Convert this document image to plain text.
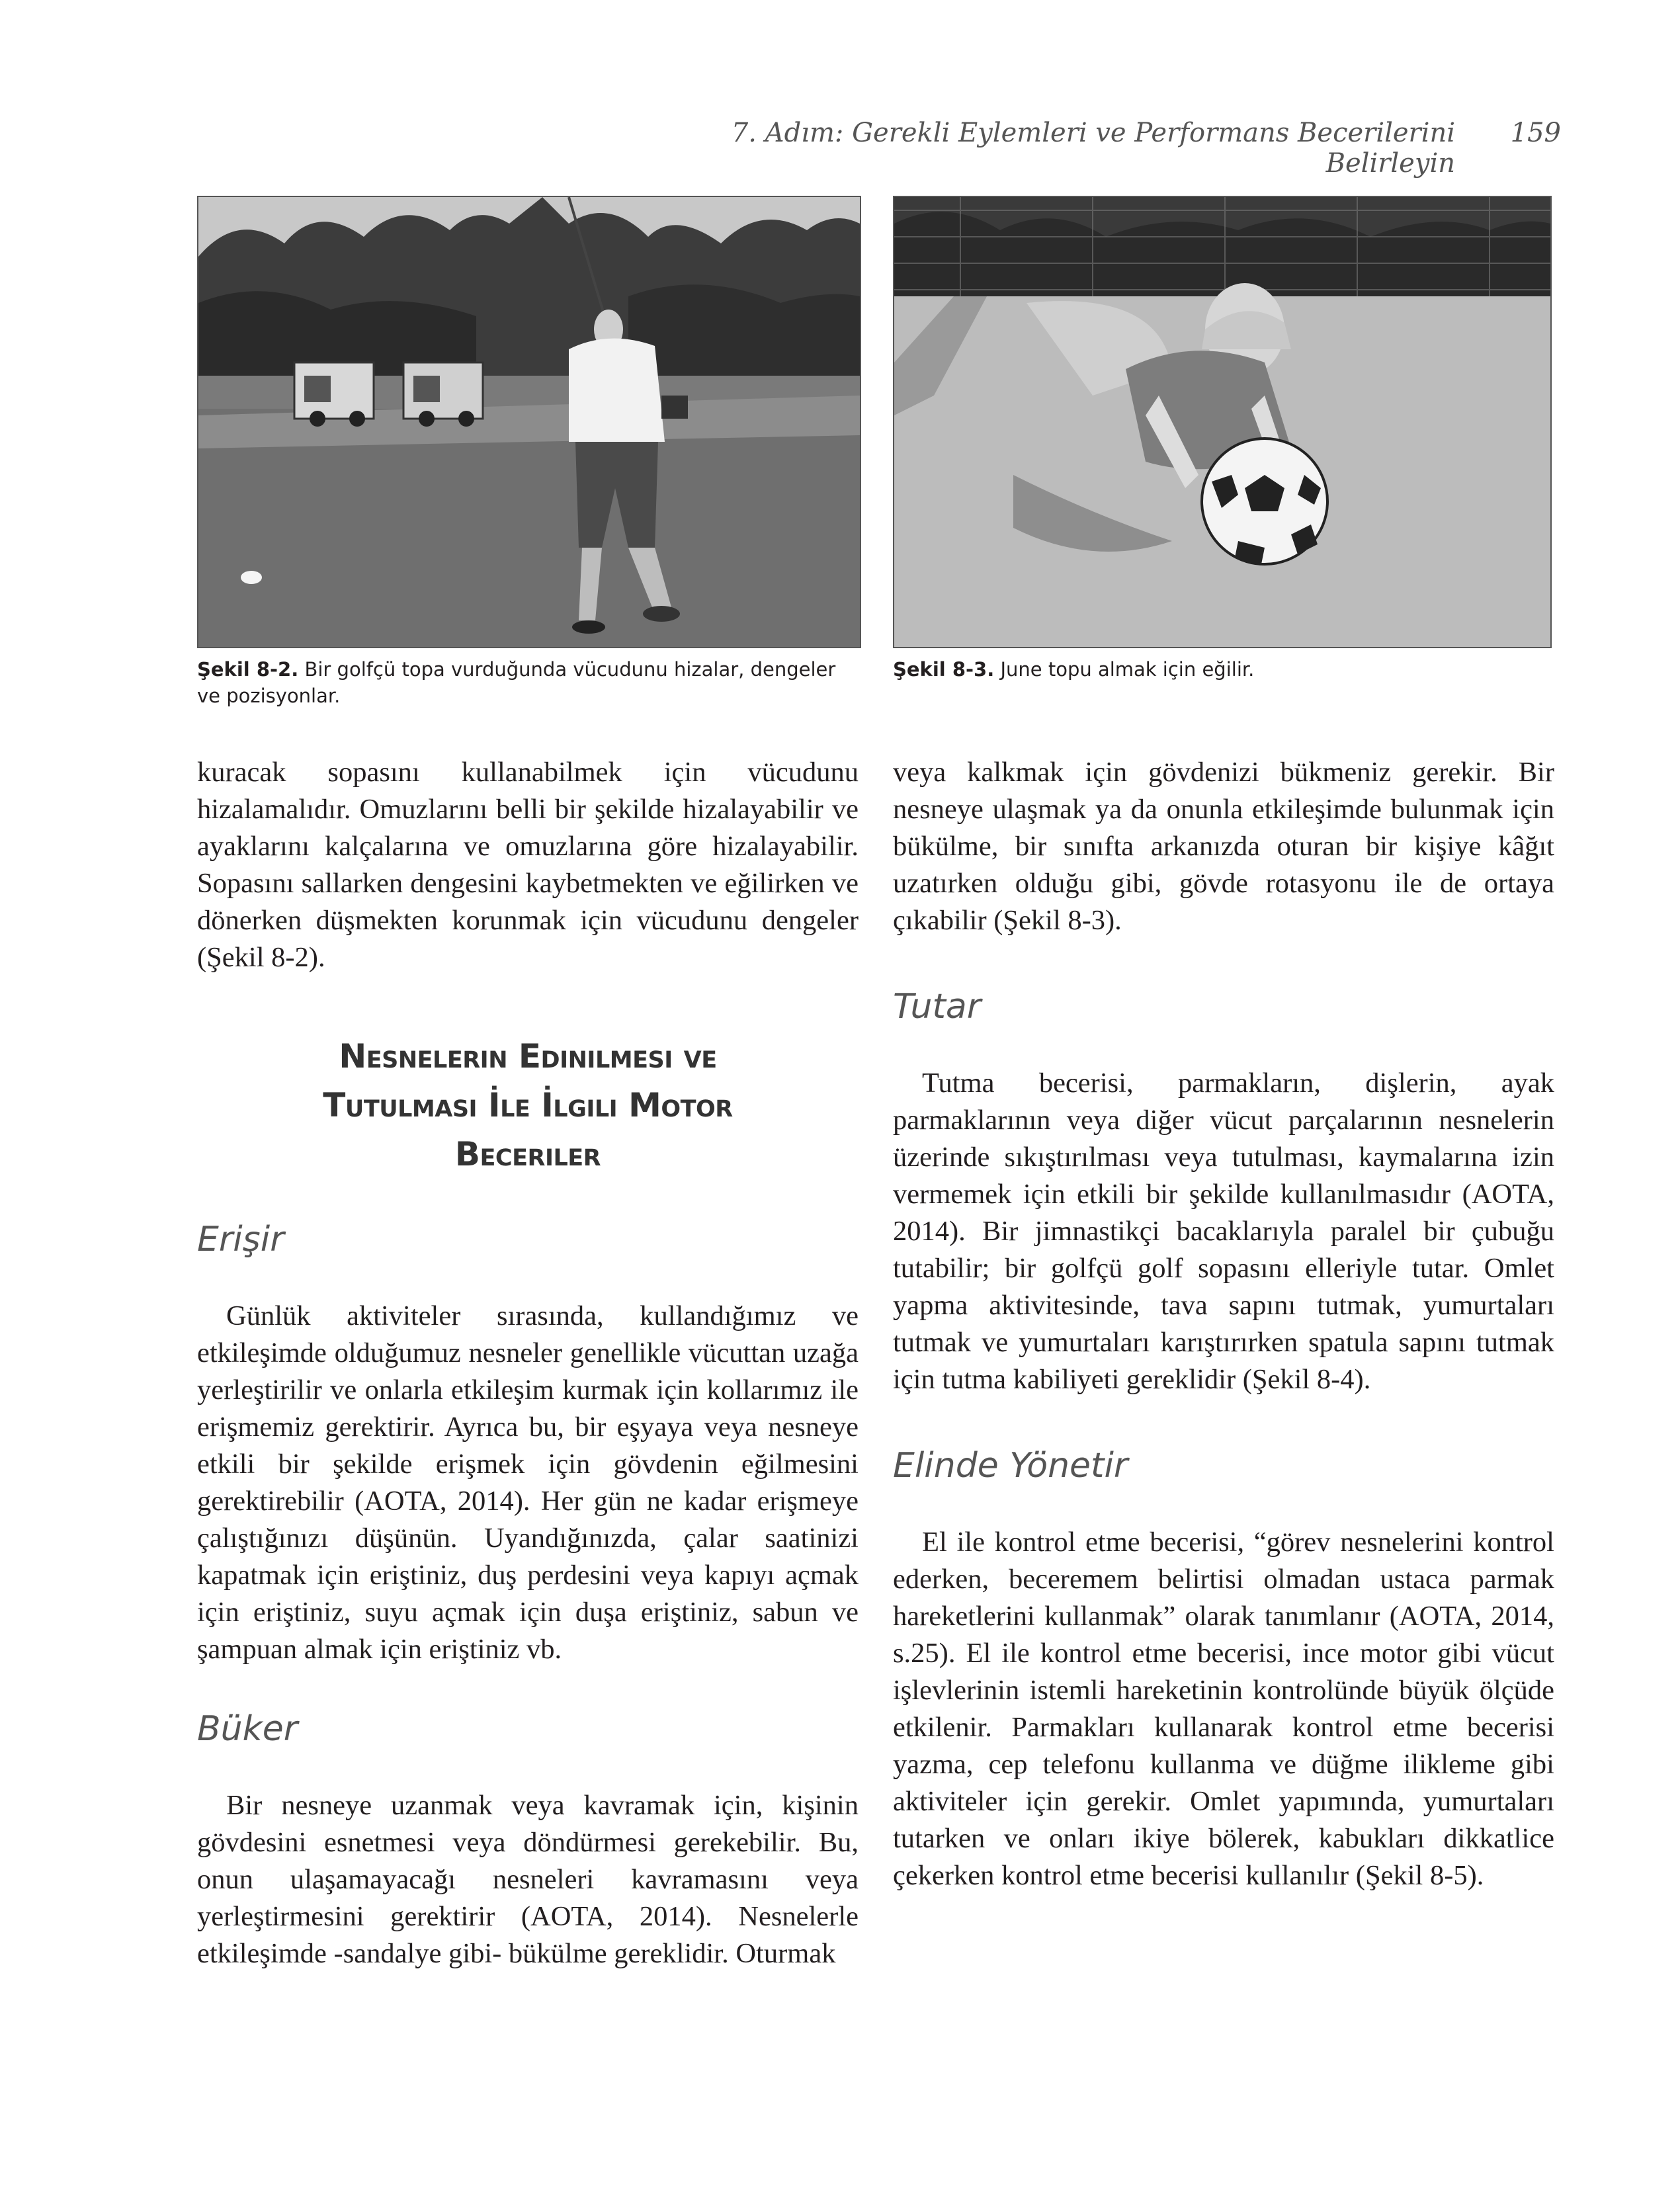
7. Adım: Gerekli Eylemleri ve Performans Becerilerini Belirleyin
159
Şekil 8-2. Bir golfçü topa vurduğunda vücudunu hizalar, dengeler ve pozisyonlar.
Şekil 8-3. June topu almak için eğilir.

kuracak sopasını kullanabilmek için vücudunu hizalamalıdır. Omuzlarını belli bir şekilde hizalayabilir ve ayaklarını kalçalarına ve omuzlarına göre hizalayabilir. Sopasını sallarken dengesini kaybetmekten ve eğilirken ve dönerken düşmekten korunmak için vücudunu dengeler (Şekil 8-2).

Nesnelerin Edinilmesi ve
Tutulması İle İlgili Motor
Beceriler
Erişir

Günlük aktiviteler sırasında, kullandığımız ve etkileşimde olduğumuz nesneler genellikle vücuttan uzağa yerleştirilir ve onlarla etkileşim kurmak için kollarımız ile erişmemiz gerektirir. Ayrıca bu, bir eşyaya veya nesneye etkili bir şekilde erişmek için gövdenin eğilmesini gerektirebilir (AOTA, 2014). Her gün ne kadar erişmeye çalıştığınızı düşünün. Uyandığınızda, çalar saatinizi kapatmak için eriştiniz, duş perdesini veya kapıyı açmak için eriştiniz, suyu açmak için duşa eriştiniz, sabun ve şampuan almak için eriştiniz vb.

Büker

Bir nesneye uzanmak veya kavramak için, kişinin gövdesini esnetmesi veya döndürmesi gerekebilir. Bu, onun ulaşamayacağı nesneleri kavramasını veya yerleştirmesini gerektirir (AOTA, 2014). Nesnelerle etkileşimde -sandalye gibi- bükülme gereklidir. Oturmak

veya kalkmak için gövdenizi bükmeniz gerekir. Bir nesneye ulaşmak ya da onunla etkileşimde bulunmak için bükülme, bir sınıfta arkanızda oturan bir kişiye kâğıt uzatırken olduğu gibi, gövde rotasyonu ile de ortaya çıkabilir (Şekil 8-3).

Tutar

Tutma becerisi, parmakların, dişlerin, ayak parmaklarının veya diğer vücut parçalarının nesnelerin üzerinde sıkıştırılması veya tutulması, kaymalarına izin vermemek için etkili bir şekilde kullanılmasıdır (AOTA, 2014). Bir jimnastikçi bacaklarıyla paralel bir çubuğu tutabilir; bir golfçü golf sopasını elleriyle tutar. Omlet yapma aktivitesinde, tava sapını tutmak, yumurtaları tutmak ve yumurtaları karıştırırken spatula sapını tutmak için tutma kabiliyeti gereklidir (Şekil 8-4).

Elinde Yönetir

El ile kontrol etme becerisi, “görev nesnelerini kontrol ederken, beceremem belirtisi olmadan ustaca parmak hareketlerini kullanmak” olarak tanımlanır (AOTA, 2014, s.25). El ile kontrol etme becerisi, ince motor gibi vücut işlevlerinin istemli hareketinin kontrolünde büyük ölçüde etkilenir. Parmakları kullanarak kontrol etme becerisi yazma, cep telefonu kullanma ve düğme ilikleme gibi aktiviteler için gerekir. Omlet yapımında, yumurtaları tutarken ve onları ikiye bölerek, kabukları dikkatlice çekerken kontrol etme becerisi kullanılır (Şekil 8-5).
